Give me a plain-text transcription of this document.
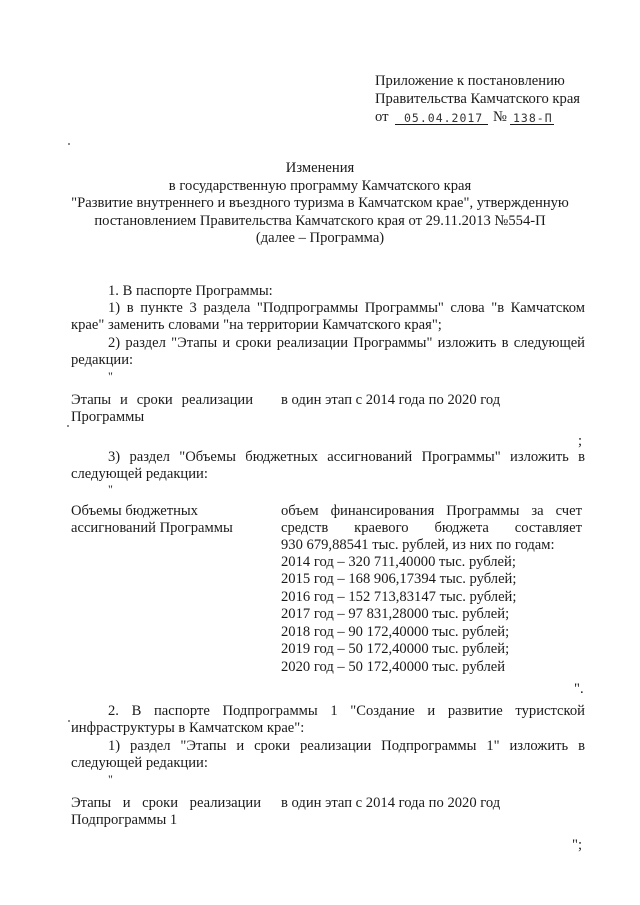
Приложение к постановлению
Правительства Камчатского края
от 05.04.2017 № 138-П
Изменения
в государственную программу Камчатского края
"Развитие внутреннего и въездного туризма в Камчатском крае", утвержденную
постановлением Правительства Камчатского края от 29.11.2013 №554-П
(далее – Программа)
1. В паспорте Программы:
1) в пункте 3 раздела "Подпрограммы Программы" слова "в Камчатском
крае" заменить словами "на территории Камчатского края";
2) раздел "Этапы и сроки реализации Программы" изложить в следующей
редакции:
"
Этапы и сроки реализации
Программы
в один этап с 2014 года по 2020 год
;
3) раздел "Объемы бюджетных ассигнований Программы" изложить в
следующей редакции:
"
Объемы бюджетных
ассигнований Программы
объем финансирования Программы за счет
средств краевого бюджета составляет
930 679,88541 тыс. рублей, из них по годам:
2014 год – 320 711,40000 тыс. рублей;
2015 год – 168 906,17394 тыс. рублей;
2016 год – 152 713,83147 тыс. рублей;
2017 год – 97 831,28000 тыс. рублей;
2018 год – 90 172,40000 тыс. рублей;
2019 год – 50 172,40000 тыс. рублей;
2020 год – 50 172,40000 тыс. рублей
".
2. В паспорте Подпрограммы 1 "Создание и развитие туристской
инфраструктуры в Камчатском крае":
1) раздел "Этапы и сроки реализации Подпрограммы 1" изложить в
следующей редакции:
"
Этапы и сроки реализации
Подпрограммы 1
в один этап с 2014 года по 2020 год
";
